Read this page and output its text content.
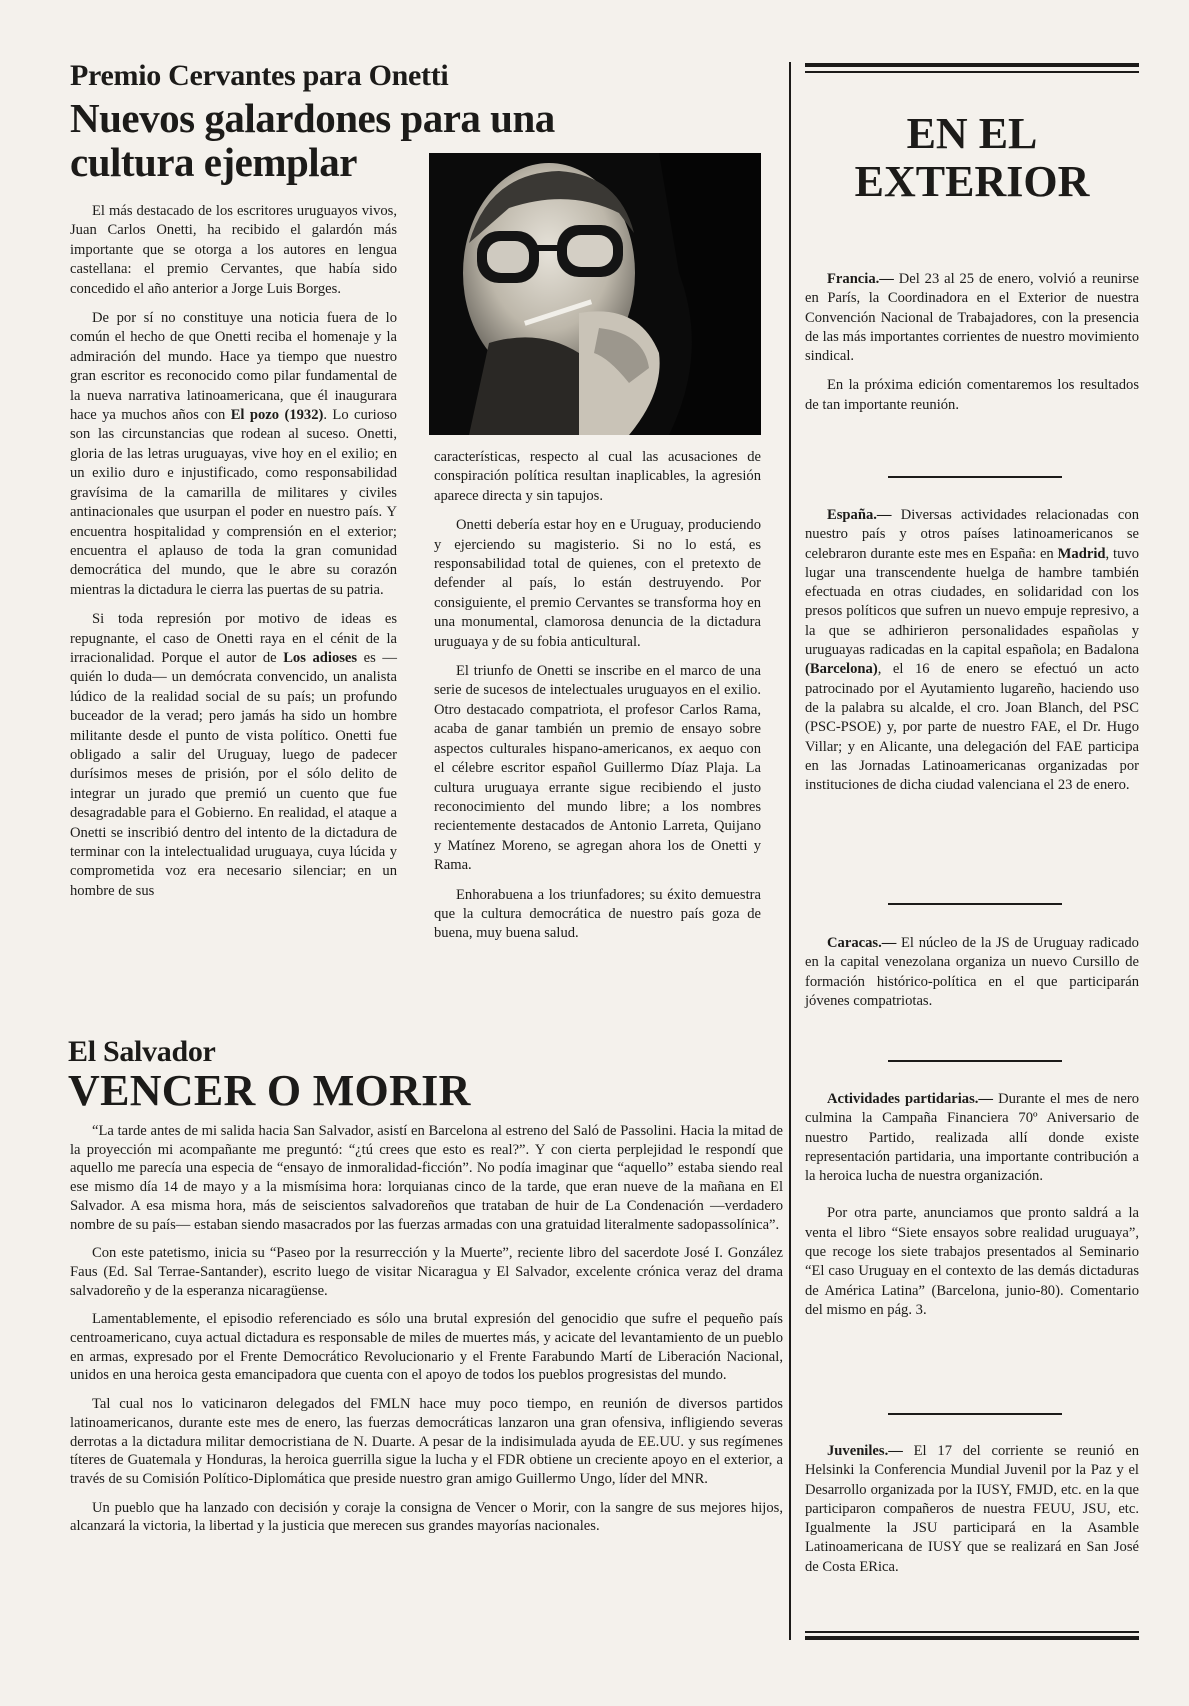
Premio Cervantes para Onetti
Nuevos galardones para una
cultura ejemplar

El más destacado de los escritores uruguayos vivos, Juan Carlos Onetti, ha recibido el galardón más importante que se otorga a los autores en lengua castellana: el premio Cervantes, que había sido concedido el año anterior a Jorge Luis Borges.

De por sí no constituye una noticia fuera de lo común el hecho de que Onetti reciba el homenaje y la admiración del mundo. Hace ya tiempo que nuestro gran escritor es reconocido como pilar fundamental de la nueva narrativa latinoamericana, que él inaugurara hace ya muchos años con El pozo (1932). Lo curioso son las circunstancias que rodean al suceso. Onetti, gloria de las letras uruguayas, vive hoy en el exilio; en un exilio duro e injustificado, como responsabilidad gravísima de la camarilla de militares y civiles antinacionales que usurpan el poder en nuestro país. Y encuentra hospitalidad y comprensión en el exterior; encuentra el aplauso de toda la gran comunidad democrática del mundo, que le abre su corazón mientras la dictadura le cierra las puertas de su patria.

Si toda represión por motivo de ideas es repugnante, el caso de Onetti raya en el cénit de la irracionalidad. Porque el autor de Los adioses es —quién lo duda— un demócrata convencido, un analista lúdico de la realidad social de su país; un profundo buceador de la verad; pero jamás ha sido un hombre militante desde el punto de vista político. Onetti fue obligado a salir del Uruguay, luego de padecer durísimos meses de prisión, por el sólo delito de integrar un jurado que premió un cuento que fue desagradable para el Gobierno. En realidad, el ataque a Onetti se inscribió dentro del intento de la dictadura de terminar con la intelectualidad uruguaya, cuya lúcida y comprometida voz era necesario silenciar; en un hombre de sus

características, respecto al cual las acusaciones de conspiración política resultan inaplicables, la agresión aparece directa y sin tapujos.

Onetti debería estar hoy en e Uruguay, produciendo y ejerciendo su magisterio. Si no lo está, es responsabilidad total de quienes, con el pretexto de defender al país, lo están destruyendo. Por consiguiente, el premio Cervantes se transforma hoy en una monumental, clamorosa denuncia de la dictadura uruguaya y de su fobia anticultural.

El triunfo de Onetti se inscribe en el marco de una serie de sucesos de intelectuales uruguayos en el exilio. Otro destacado compatriota, el profesor Carlos Rama, acaba de ganar también un premio de ensayo sobre aspectos culturales hispano-americanos, ex aequo con el célebre escritor español Guillermo Díaz Plaja. La cultura uruguaya errante sigue recibiendo el justo reconocimiento del mundo libre; a los nombres recientemente destacados de Antonio Larreta, Quijano y Matínez Moreno, se agregan ahora los de Onetti y Rama.

Enhorabuena a los triunfadores; su éxito demuestra que la cultura democrática de nuestro país goza de buena, muy buena salud.

El Salvador
VENCER O MORIR

“La tarde antes de mi salida hacia San Salvador, asistí en Barcelona al estreno del Saló de Passolini. Hacia la mitad de la proyección mi acompañante me preguntó: “¿tú crees que esto es real?”. Y con cierta perplejidad le respondí que aquello me parecía una especia de “ensayo de inmoralidad-ficción”. No podía imaginar que “aquello” estaba siendo real ese mismo día 14 de mayo y a la mismísima hora: lorquianas cinco de la tarde, que eran nueve de la mañana en El Salvador. A esa misma hora, más de seiscientos salvadoreños que trataban de huir de La Condenación —verdadero nombre de su país— estaban siendo masacrados por las fuerzas armadas con una gratuidad literalmente sadopassolínica”.

Con este patetismo, inicia su “Paseo por la resurrección y la Muerte”, reciente libro del sacerdote José I. González Faus (Ed. Sal Terrae-Santander), escrito luego de visitar Nicaragua y El Salvador, excelente crónica veraz del drama salvadoreño y de la esperanza nicaragüense.

Lamentablemente, el episodio referenciado es sólo una brutal expresión del genocidio que sufre el pequeño país centroamericano, cuya actual dictadura es responsable de miles de muertes más, y acicate del levantamiento de un pueblo en armas, expresado por el Frente Democrático Revolucionario y el Frente Farabundo Martí de Liberación Nacional, unidos en una heroica gesta emancipadora que cuenta con el apoyo de todos los pueblos progresistas del mundo.

Tal cual nos lo vaticinaron delegados del FMLN hace muy poco tiempo, en reunión de diversos partidos latinoamericanos, durante este mes de enero, las fuerzas democráticas lanzaron una gran ofensiva, infligiendo severas derrotas a la dictadura militar democristiana de N. Duarte. A pesar de la indisimulada ayuda de EE.UU. y sus regímenes títeres de Guatemala y Honduras, la heroica guerrilla sigue la lucha y el FDR obtiene un creciente apoyo en el exterior, a través de su Comisión Político-Diplomática que preside nuestro gran amigo Guillermo Ungo, líder del MNR.

Un pueblo que ha lanzado con decisión y coraje la consigna de Vencer o Morir, con la sangre de sus mejores hijos, alcanzará la victoria, la libertad y la justicia que merecen sus grandes mayorías nacionales.

EN EL
EXTERIOR

Francia.— Del 23 al 25 de enero, volvió a reunirse en París, la Coordinadora en el Exterior de nuestra Convención Nacional de Trabajadores, con la presencia de las más importantes corrientes de nuestro movimiento sindical.

En la próxima edición comentaremos los resultados de tan importante reunión.

España.— Diversas actividades relacionadas con nuestro país y otros países latinoamericanos se celebraron durante este mes en España: en Madrid, tuvo lugar una transcendente huelga de hambre también efectuada en otras ciudades, en solidaridad con los presos políticos que sufren un nuevo empuje represivo, a la que se adhirieron personalidades españolas y uruguayas radicadas en la capital española; en Badalona (Barcelona), el 16 de enero se efectuó un acto patrocinado por el Ayutamiento lugareño, haciendo uso de la palabra su alcalde, el cro. Joan Blanch, del PSC (PSC-PSOE) y, por parte de nuestro FAE, el Dr. Hugo Villar; y en Alicante, una delegación del FAE participa en las Jornadas Latinoamericanas organizadas por instituciones de dicha ciudad valenciana el 23 de enero.

Caracas.— El núcleo de la JS de Uruguay radicado en la capital venezolana organiza un nuevo Cursillo de formación histórico-política en el que participarán jóvenes compatriotas.

Actividades partidarias.— Durante el mes de nero culmina la Campaña Financiera 70º Aniversario de nuestro Partido, realizada allí donde existe representación partidaria, una importante contribución a la heroica lucha de nuestra organización.

Por otra parte, anunciamos que pronto saldrá a la venta el libro “Siete ensayos sobre realidad uruguaya”, que recoge los siete trabajos presentados al Seminario “El caso Uruguay en el contexto de las demás dictaduras de América Latina” (Barcelona, junio-80). Comentario del mismo en pág. 3.

Juveniles.— El 17 del corriente se reunió en Helsinki la Conferencia Mundial Juvenil por la Paz y el Desarrollo organizada por la IUSY, FMJD, etc. en la que participaron compañeros de nuestra FEUU, JSU, etc. Igualmente la JSU participará en la Asamble Latinoamericana de IUSY que se realizará en San José de Costa ERica.
